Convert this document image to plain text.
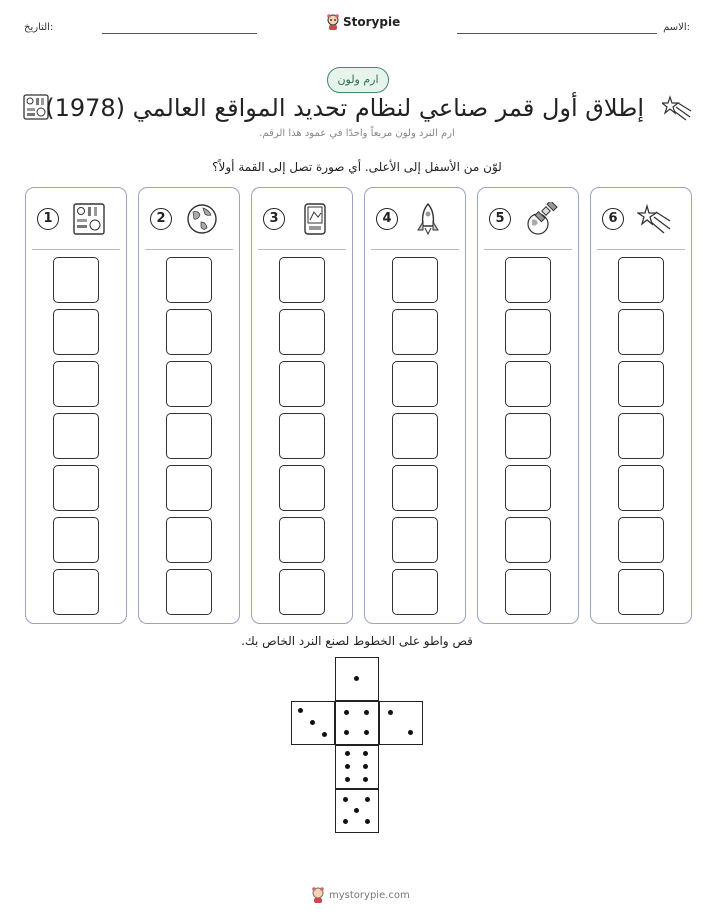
الاسم:
التاريخ:	Storypie
ارم ولون
إطلاق أول قمر صناعي لنظام تحديد المواقع العالمي (1978)
ارم النرد ولون مربعاً واحدًا في عمود هذا الرقم.
لوّن من الأسفل إلى الأعلى. أي صورة تصل إلى القمة أولاً؟
1	2	3	4	5	6
قص واطو على الخطوط لصنع النرد الخاص بك.
mystorypie.com
